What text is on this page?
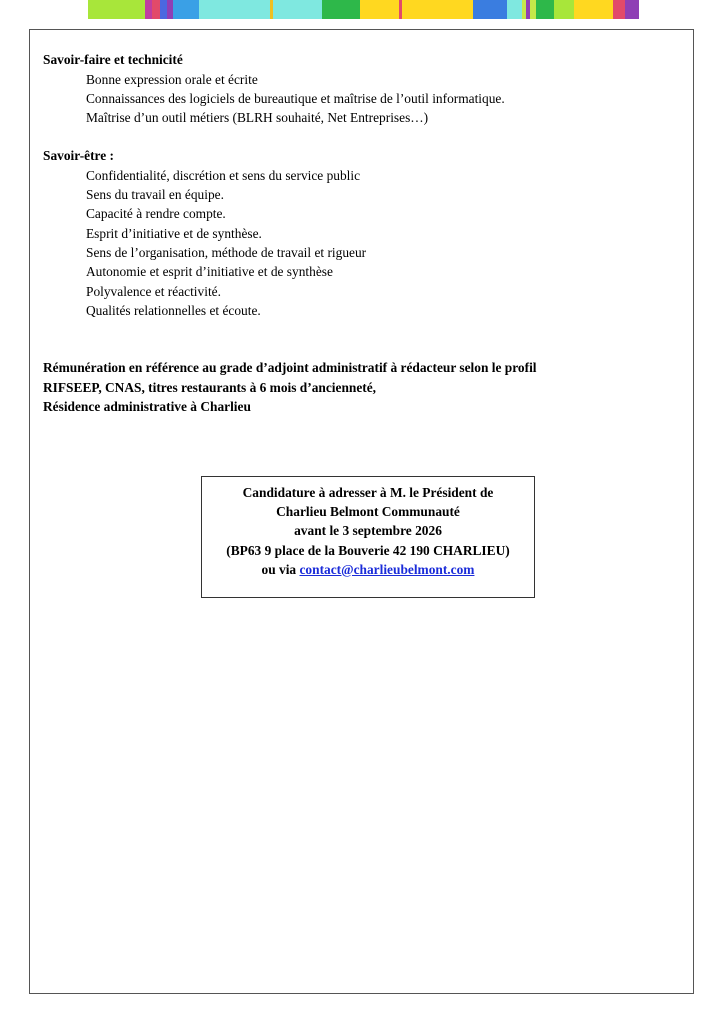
Savoir-faire et technicité

Bonne expression orale et écrite
Connaissances des logiciels de bureautique et maîtrise de l’outil informatique.
Maîtrise d’un outil métiers (BLRH souhaité, Net Entreprises…)

Savoir-être :

Confidentialité, discrétion et sens du service public
Sens du travail en équipe.
Capacité à rendre compte.
Esprit d’initiative et de synthèse.
Sens de l’organisation, méthode de travail et rigueur
Autonomie et esprit d’initiative et de synthèse
Polyvalence et réactivité.
Qualités relationnelles et écoute.
Rémunération en référence au grade d’adjoint administratif à rédacteur selon le profil
RIFSEEP, CNAS, titres restaurants à 6 mois d’ancienneté,
Résidence administrative à Charlieu
Candidature à adresser à M. le Président de
Charlieu Belmont Communauté
avant le 3 septembre 2026
(BP63 9 place de la Bouverie 42 190 CHARLIEU)
ou via contact@charlieubelmont.com
